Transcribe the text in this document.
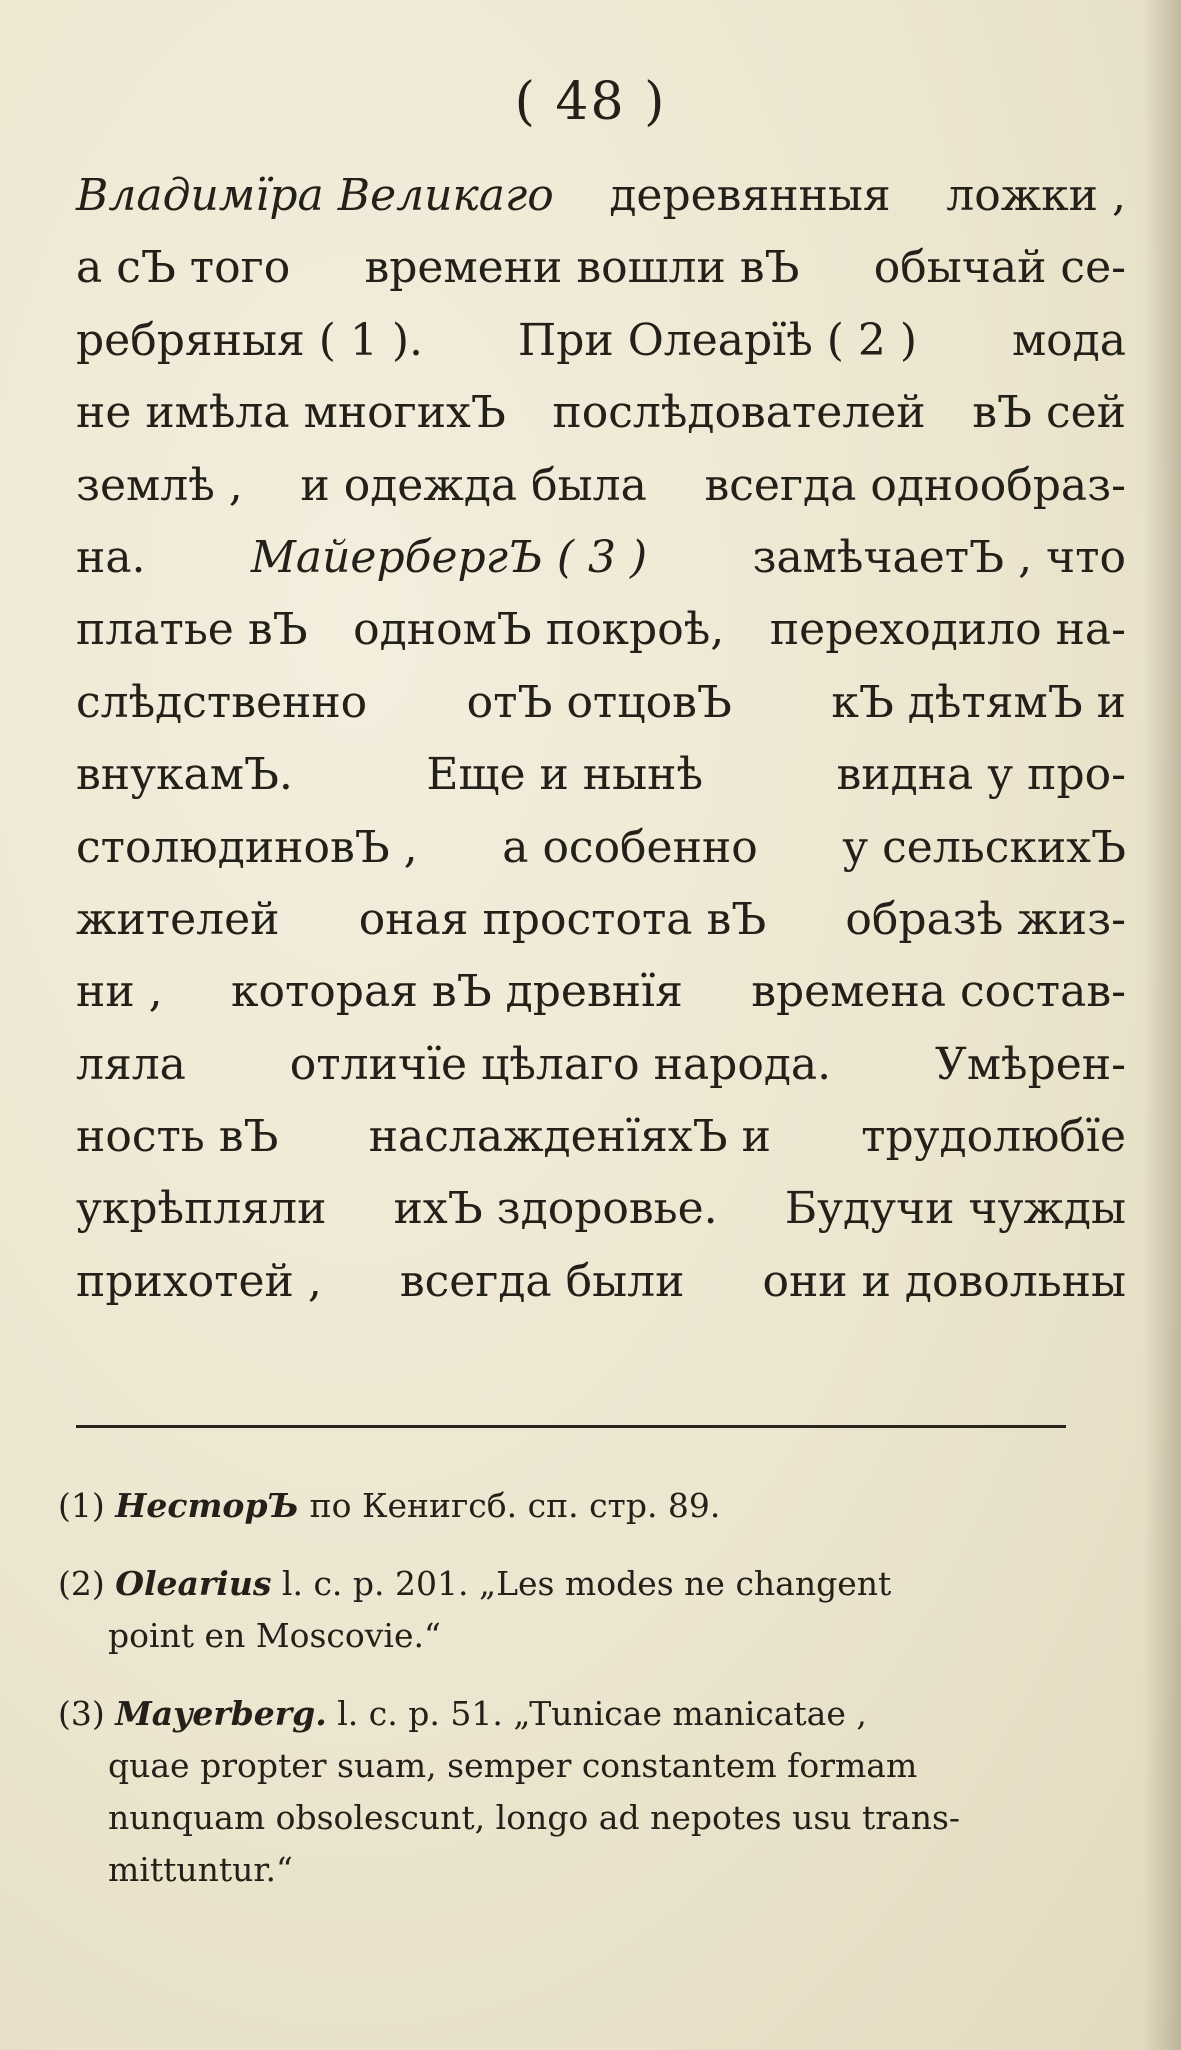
( 48 )
Владимїра Великаго деревянныя ложки ,
а сЪ того времени вошли вЪ обычай се-
ребряныя ( 1 ). При Олеарїѣ ( 2 ) мода
не имѣла многихЪ послѣдователей вЪ сей
землѣ , и одежда была всегда однообраз-
на. МайербергЪ ( 3 ) замѣчаетЪ , что
платье вЪ одномЪ покроѣ, переходило на-
слѣдственно отЪ отцовЪ кЪ дѣтямЪ и
внукамЪ.	Еще и нынѣ	видна у про-
столюдиновЪ , а особенно у сельскихЪ
жителей оная простота вЪ образѣ жиз-
ни , которая вЪ древнїя времена состав-
ляла отличїе цѣлаго народа. Умѣрен-
ность вЪ наслажденїяхЪ и трудолюбїе
укрѣпляли ихЪ здоровье. Будучи чужды
прихотей , всегда были они и довольны
(1) НесторЪ по Кенигсб. сп. стр. 89.
(2) Olearius l. c. p. 201. „Les modes ne changent
point en Moscovie.“
(3) Mayerberg. l. c. p. 51. „Tunicae manicatae ,
quae propter suam, semper constantem formam
nunquam obsolescunt, longo ad nepotes usu trans-
mittuntur.“
